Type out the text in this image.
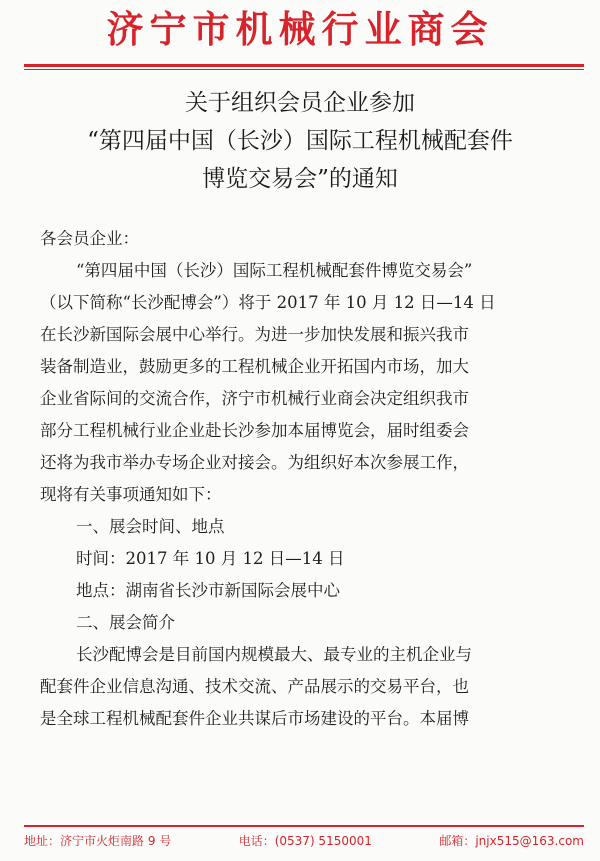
济宁市机械行业商会
关于组织会员企业参加
“第四届中国（长沙）国际工程机械配套件
博览交易会”的通知

各会员企业：

“第四届中国（长沙）国际工程机械配套件博览交易会”

（以下简称“长沙配博会”）将于 2017 年 10 月 12 日—14 日

在长沙新国际会展中心举行。为进一步加快发展和振兴我市

装备制造业，鼓励更多的工程机械企业开拓国内市场，加大

企业省际间的交流合作，济宁市机械行业商会决定组织我市

部分工程机械行业企业赴长沙参加本届博览会，届时组委会

还将为我市举办专场企业对接会。为组织好本次参展工作，

现将有关事项通知如下：

一、展会时间、地点

时间：2017 年 10 月 12 日—14 日

地点：湖南省长沙市新国际会展中心

二、展会简介

长沙配博会是目前国内规模最大、最专业的主机企业与

配套件企业信息沟通、技术交流、产品展示的交易平台，也

是全球工程机械配套件企业共谋后市场建设的平台。本届博

地址：济宁市火炬南路 9 号	电话：(0537) 5150001	邮箱：jnjx515@163.com
